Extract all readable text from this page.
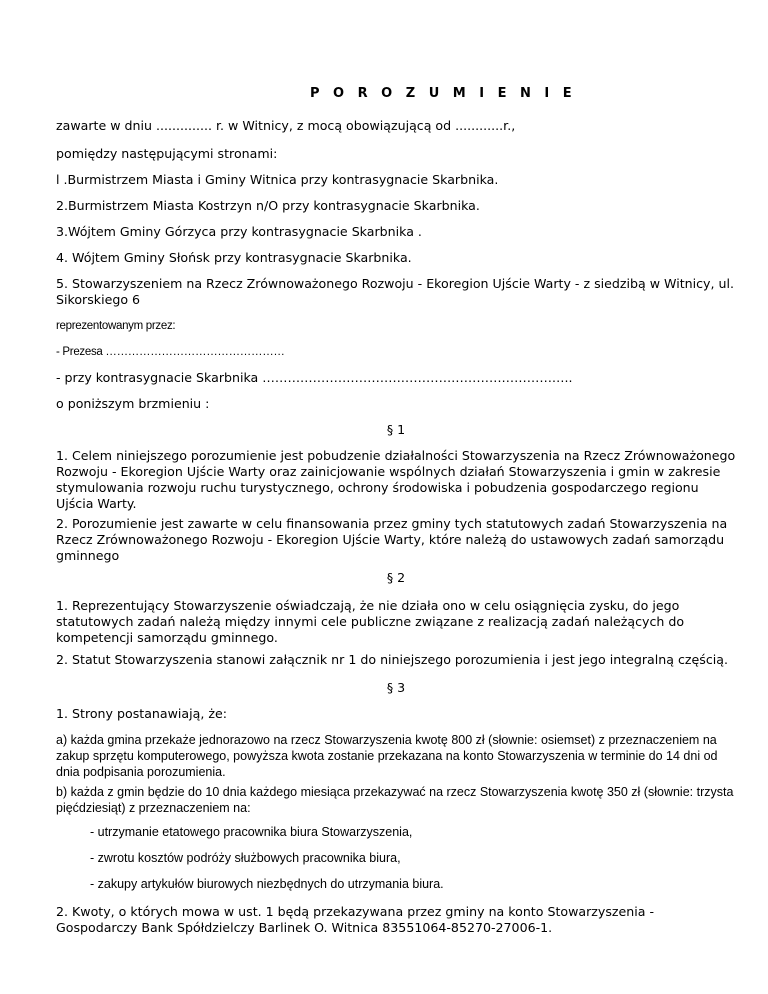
P O R O Z U M I E N I E

zawarte w dniu .............. r. w Witnicy, z mocą obowiązującą od ............r.,

pomiędzy następującymi stronami:

l .Burmistrzem Miasta i Gminy Witnica przy kontrasygnacie Skarbnika.

2.Burmistrzem Miasta Kostrzyn n/O przy kontrasygnacie Skarbnika.

3.Wójtem Gminy Górzyca przy kontrasygnacie Skarbnika .

4. Wójtem Gminy Słońsk przy kontrasygnacie Skarbnika.

5. Stowarzyszeniem na Rzecz Zrównoważonego Rozwoju - Ekoregion Ujście Warty - z siedzibą w Witnicy, ul. Sikorskiego 6

reprezentowanym przez:

- Prezesa …………………………………………

- przy kontrasygnacie Skarbnika ………………………………………………………………..

o poniższym brzmieniu :

§ 1

1. Celem niniejszego porozumienie jest pobudzenie działalności Stowarzyszenia na Rzecz Zrównoważonego Rozwoju - Ekoregion Ujście Warty oraz zainicjowanie wspólnych działań Stowarzyszenia i gmin w zakresie stymulowania rozwoju ruchu turystycznego, ochrony środowiska i pobudzenia gospodarczego regionu Ujścia Warty.

2. Porozumienie jest zawarte w celu finansowania przez gminy tych statutowych zadań Stowarzyszenia na Rzecz Zrównoważonego Rozwoju - Ekoregion Ujście Warty, które należą do ustawowych zadań samorządu gminnego

§ 2

1. Reprezentujący Stowarzyszenie oświadczają, że nie działa ono w celu osiągnięcia zysku, do jego statutowych zadań należą między innymi cele publiczne związane z realizacją zadań należących do kompetencji samorządu gminnego.

2. Statut Stowarzyszenia stanowi załącznik nr 1 do niniejszego porozumienia i jest jego integralną częścią.

§ 3

1. Strony postanawiają, że:

a) każda gmina przekaże jednorazowo na rzecz Stowarzyszenia kwotę 800 zł (słownie: osiemset) z przeznaczeniem na zakup sprzętu komputerowego, powyższa kwota zostanie przekazana na konto Stowarzyszenia w terminie do 14 dni od dnia podpisania porozumienia.

b) każda z gmin będzie do 10 dnia każdego miesiąca przekazywać na rzecz Stowarzyszenia kwotę 350 zł (słownie: trzysta pięćdziesiąt) z przeznaczeniem na:

- utrzymanie etatowego pracownika biura Stowarzyszenia,

- zwrotu kosztów podróży służbowych pracownika biura,

- zakupy artykułów biurowych niezbędnych do utrzymania biura.

2. Kwoty, o których mowa w ust. 1 będą przekazywana przez gminy na konto Stowarzyszenia - Gospodarczy Bank Spółdzielczy Barlinek O. Witnica 83551064-85270-27006-1.
